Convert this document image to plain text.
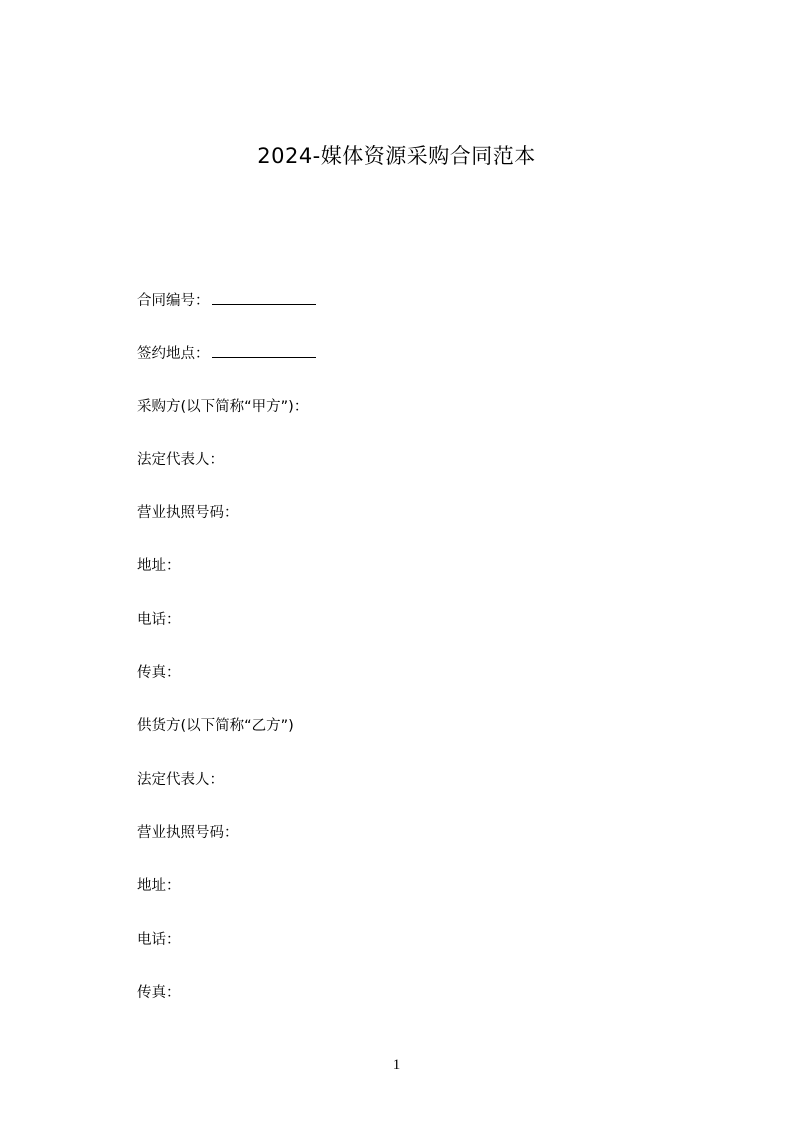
2024-媒体资源采购合同范本
合同编号：
签约地点：
采购方(以下简称“甲方”)：
法定代表人：
营业执照号码：
地址：
电话：
传真：
供货方(以下简称“乙方”)
法定代表人：
营业执照号码：
地址：
电话：
传真：
1
